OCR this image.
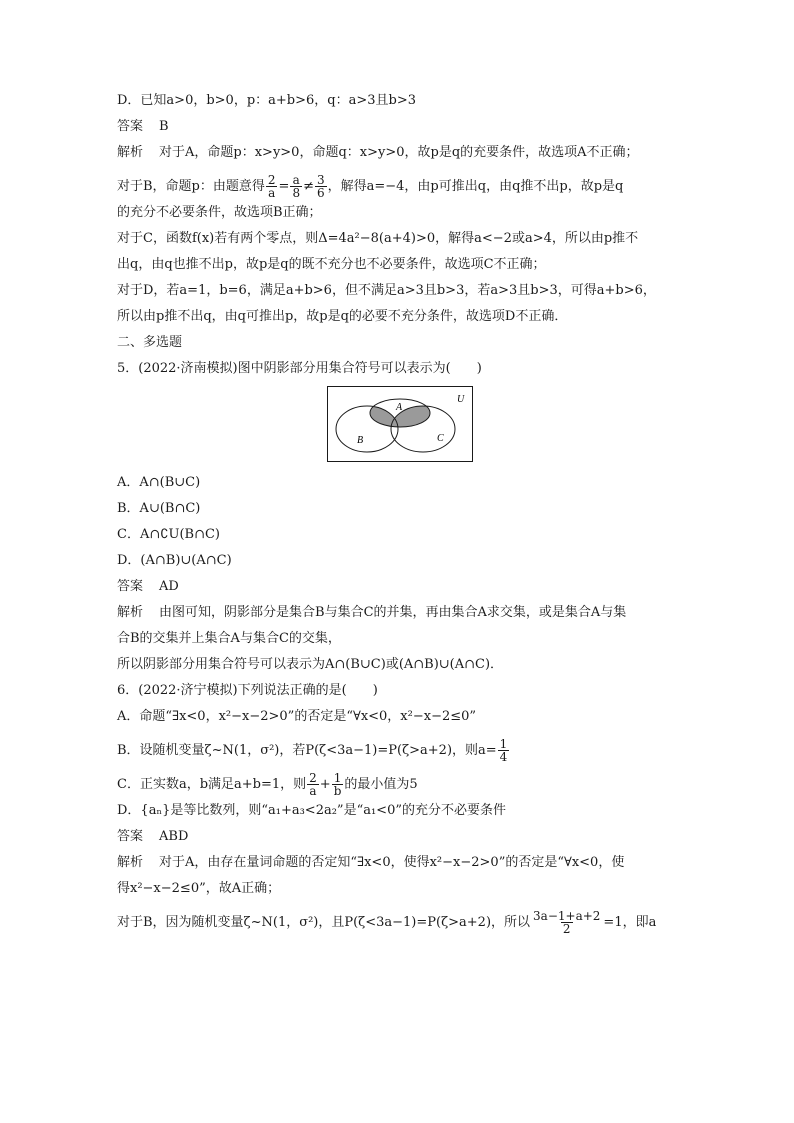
D．已知a>0，b>0，p：a+b>6，q：a>3且b>3
答案 B
解析 对于A，命题p：x>y>0，命题q：x>y>0，故p是q的充要条件，故选项A不正确；
对于B，命题p：由题意得 $\frac{2}{a} = \frac{a}{8} \ne \frac{3}{6}$ ，解得a=−4，由p可推出q，由q推不出p，故p是q
的充分不必要条件，故选项B正确；
对于C，函数f(x)若有两个零点，则Δ=4a²−8(a+4)>0，解得a<−2或a>4，所以由p推不
出q，由q也推不出p，故p是q的既不充分也不必要条件，故选项C不正确；
对于D，若a=1，b=6，满足a+b>6，但不满足a>3且b>3，若a>3且b>3，可得a+b>6，
所以由p推不出q，由q可推出p，故p是q的必要不充分条件，故选项D不正确．
二、多选题
5．(2022·济南模拟)图中阴影部分用集合符号可以表示为(　　)
A
B	C
U
A．A∩(B∪C)
B．A∪(B∩C)
C．A∩∁U(B∩C)
D．(A∩B)∪(A∩C)
答案 AD
解析 由图可知，阴影部分是集合B与集合C的并集，再由集合A求交集，或是集合A与集
合B的交集并上集合A与集合C的交集，
所以阴影部分用集合符号可以表示为A∩(B∪C)或(A∩B)∪(A∩C)．
6．(2022·济宁模拟)下列说法正确的是(　　)
A．命题“∃x<0，x²−x−2>0”的否定是“∀x<0，x²−x−2≤0”
B．设随机变量ζ~N(1，σ²)，若P(ζ<3a−1)=P(ζ>a+2)，则$a= \frac{1}{4}$
C．正实数a，b满足a+b=1，则 $\frac{2}{a} + \frac{1}{b}$ 的最小值为5
D．{aₙ}是等比数列，则“a₁+a₃<2a₂”是“a₁<0”的充分不必要条件
答案 ABD
解析 对于A，由存在量词命题的否定知“∃x<0，使得x²−x−2>0”的否定是“∀x<0，使
得x²−x−2≤0”，故A正确；
对于B，因为随机变量ζ~N(1，σ²)，且P(ζ<3a−1)=P(ζ>a+2)，所以 $\frac{3a-1+a+2}{2} =1$，即a
